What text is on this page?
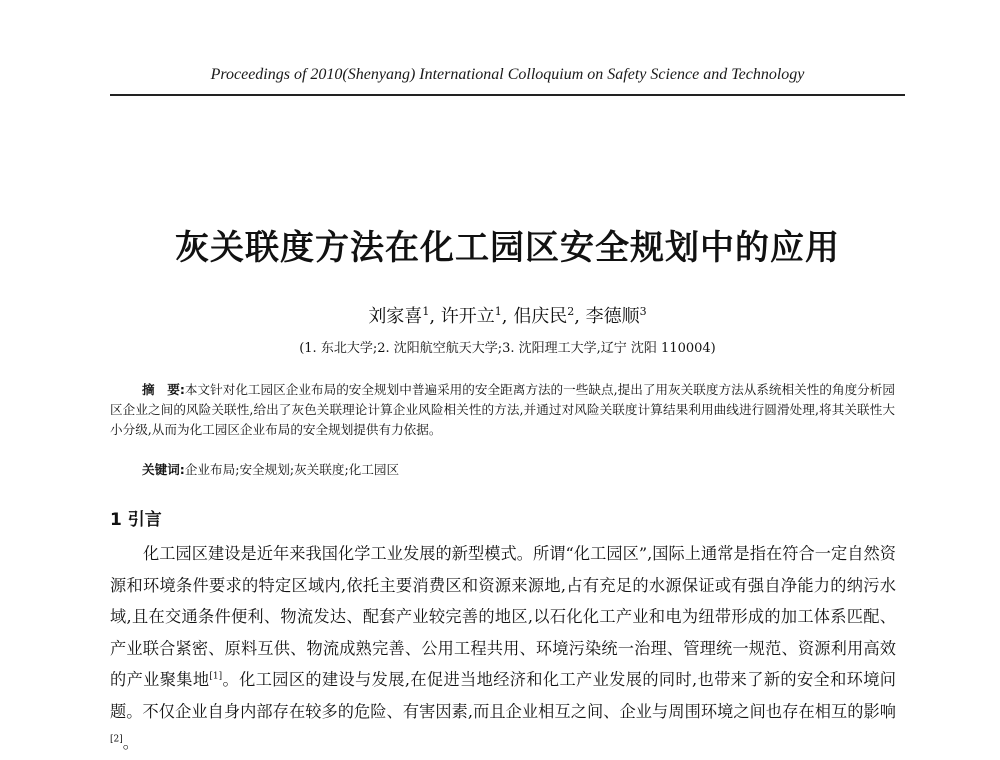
Proceedings of 2010(Shenyang) International Colloquium on Safety Science and Technology
灰关联度方法在化工园区安全规划中的应用
刘家喜$^1$, 许开立$^1$, 佀庆民$^2$, 李德顺$^3$
(1. 东北大学;2. 沈阳航空航天大学;3. 沈阳理工大学,辽宁 沈阳 110004)

摘　要:本文针对化工园区企业布局的安全规划中普遍采用的安全距离方法的一些缺点,提出了用灰关联度方法从系统相关性的角度分析园区企业之间的风险关联性,给出了灰色关联理论计算企业风险相关性的方法,并通过对风险关联度计算结果利用曲线进行圆滑处理,将其关联性大小分级,从而为化工园区企业布局的安全规划提供有力依据。

关键词:企业布局;安全规划;灰关联度;化工园区
1 引言

化工园区建设是近年来我国化学工业发展的新型模式。所谓“化工园区”,国际上通常是指在符合一定自然资源和环境条件要求的特定区域内,依托主要消费区和资源来源地,占有充足的水源保证或有强自净能力的纳污水域,且在交通条件便利、物流发达、配套产业较完善的地区,以石化化工产业和电为纽带形成的加工体系匹配、产业联合紧密、原料互供、物流成熟完善、公用工程共用、环境污染统一治理、管理统一规范、资源利用高效的产业聚集地[1]。化工园区的建设与发展,在促进当地经济和化工产业发展的同时,也带来了新的安全和环境问题。不仅企业自身内部存在较多的危险、有害因素,而且企业相互之间、企业与周围环境之间也存在相互的影响[2]。
